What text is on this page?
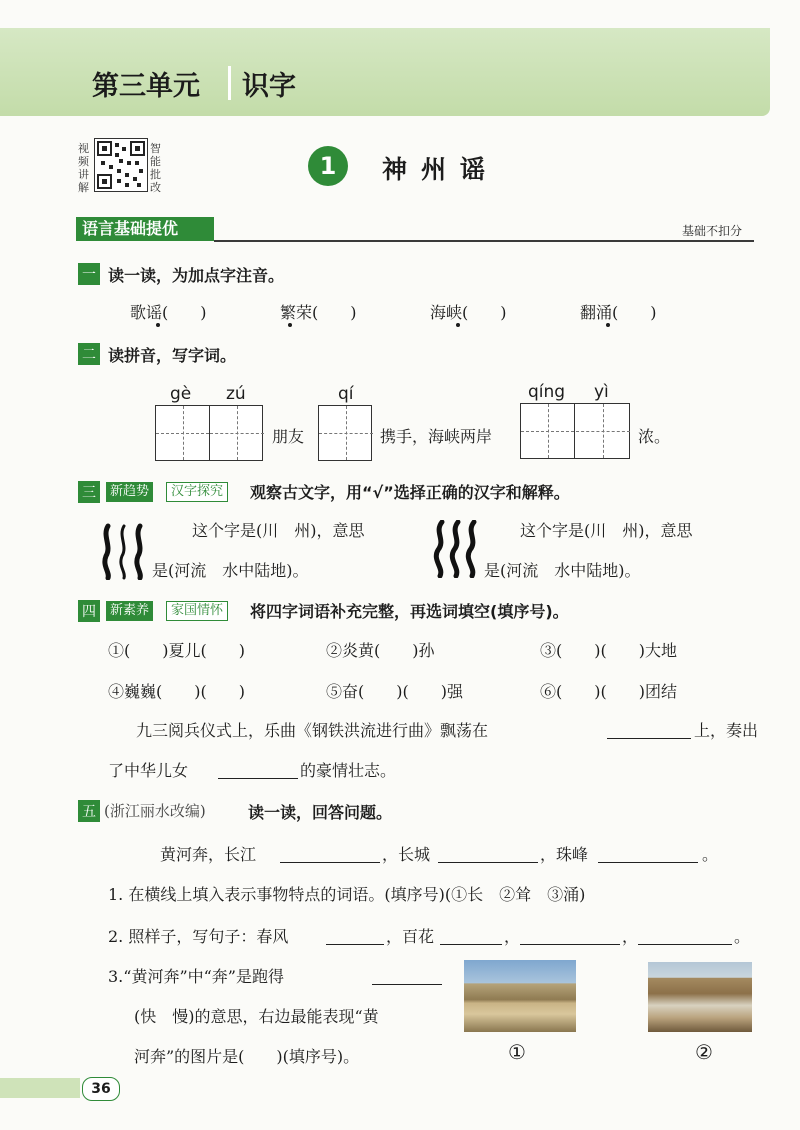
第三单元 识字
视频讲解
智能批改
1	神州谣
语言基础提优	基础不扣分
一 读一读，为加点字注音。
歌谣(　　)	繁荣(　　)	海峡(　　)	翻涌(　　)
二 读拼音，写字词。
gè zú	qí	qíng yì
朋友	携手，海峡两岸	浓。
三	新趋势	汉字探究	观察古文字，用“√”选择正确的汉字和解释。
这个字是(川　州)，意思
是(河流　水中陆地)。
这个字是(川　州)，意思
是(河流　水中陆地)。
四	新素养	家国情怀	将四字词语补充完整，再选词填空(填序号)。
①(　　)夏儿(　　)	②炎黄(　　)孙	③(　　)(　　)大地
④巍巍(　　)(　　)	⑤奋(　　)(　　)强	⑥(　　)(　　)团结
九三阅兵仪式上，乐曲《钢铁洪流进行曲》飘荡在	上，奏出
了中华儿女	的豪情壮志。
五 (浙江丽水改编)	读一读，回答问题。
黄河奔，长江	，长城	，珠峰	。
1. 在横线上填入表示事物特点的词语。(填序号)(①长　②耸　③涌)
2. 照样子，写句子：春风	，百花	，	，	。
3.“黄河奔”中“奔”是跑得
(快　慢)的意思，右边最能表现“黄
河奔”的图片是(　　)(填序号)。	①	②
36
